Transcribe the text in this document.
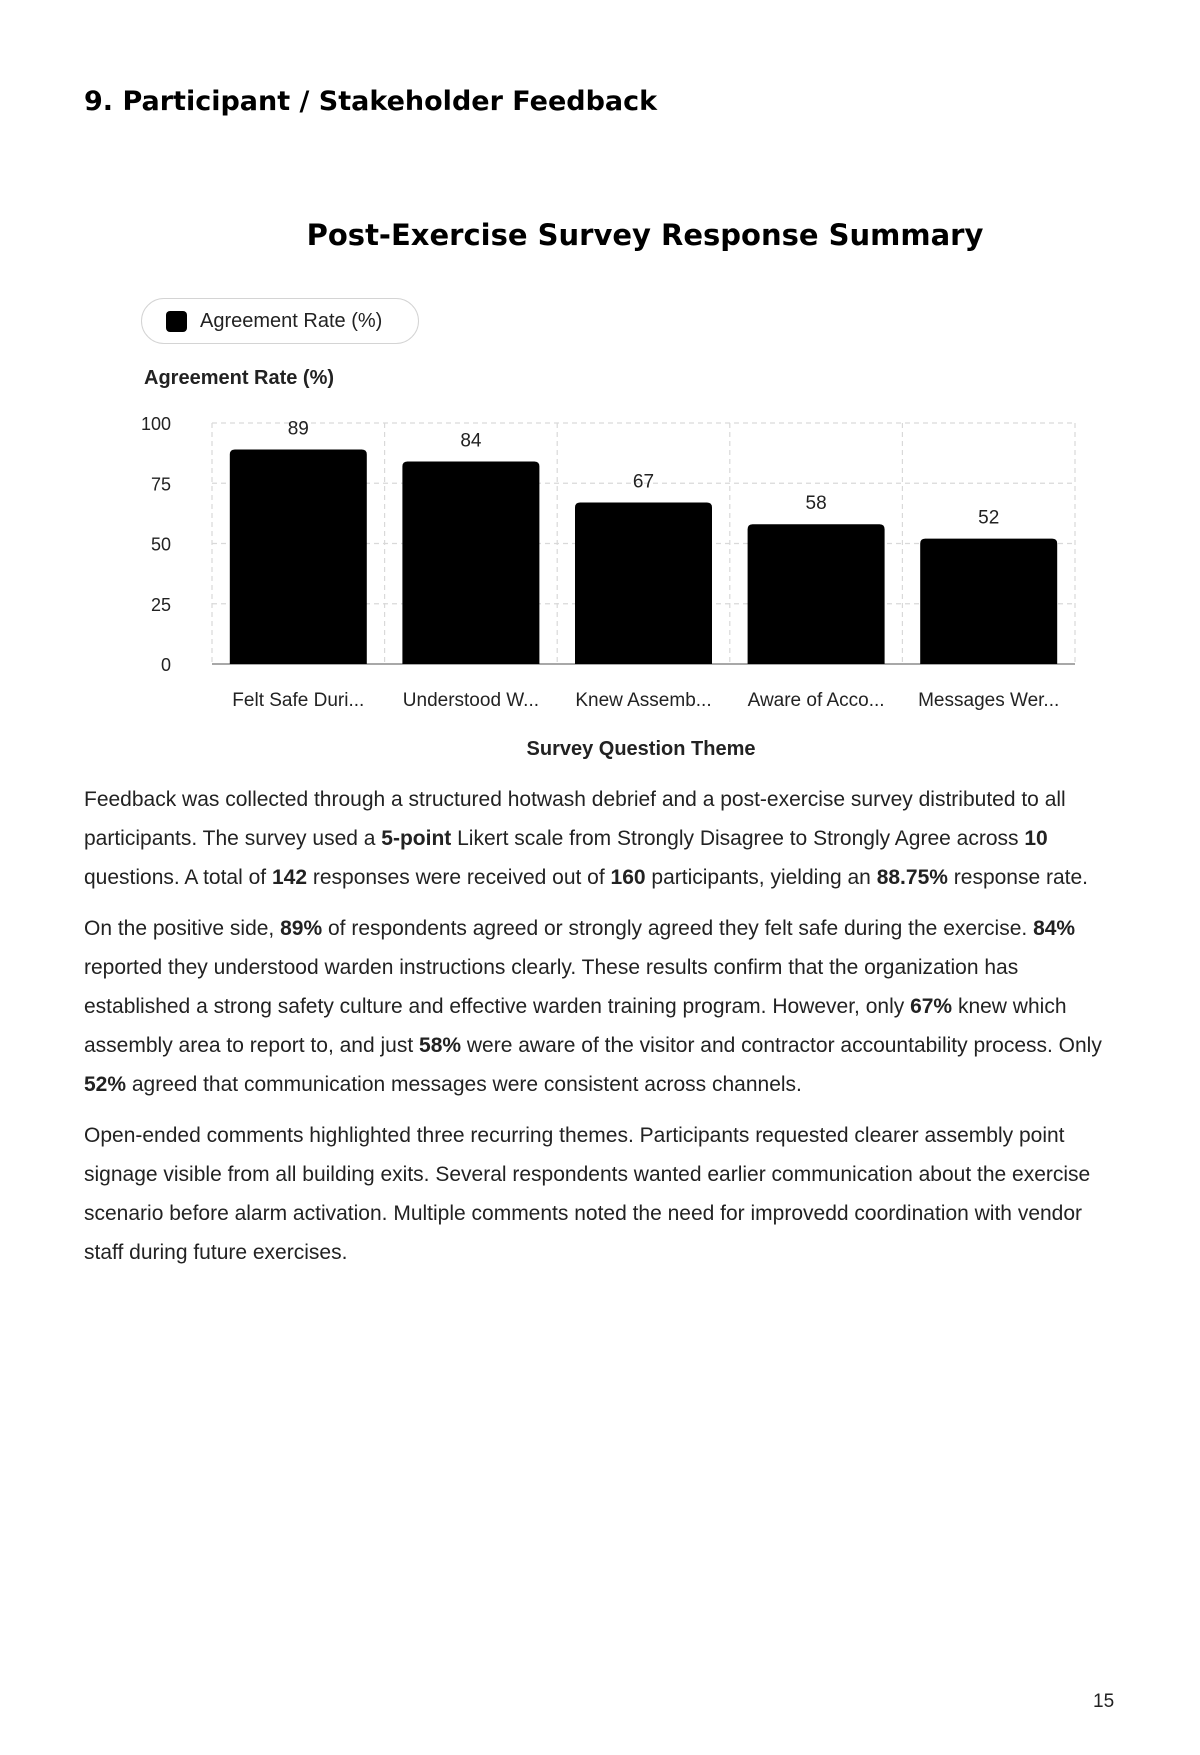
9. Participant / Stakeholder Feedback
Post-Exercise Survey Response Summary
Agreement Rate (%)
Agreement Rate (%)
0
25
50
75
100	89
84
67
58
52
Felt Safe Duri... Understood W... Knew Assemb... Aware of Acco... Messages Wer...
Survey Question Theme

Feedback was collected through a structured hotwash debrief and a post-exercise survey distributed to all participants. The survey used a 5-point Likert scale from Strongly Disagree to Strongly Agree across 10 questions. A total of 142 responses were received out of 160 participants, yielding an 88.75% response rate.

On the positive side, 89% of respondents agreed or strongly agreed they felt safe during the exercise. 84% reported they understood warden instructions clearly. These results confirm that the organization has established a strong safety culture and effective warden training program. However, only 67% knew which assembly area to report to, and just 58% were aware of the visitor and contractor accountability process. Only 52% agreed that communication messages were consistent across channels.

Open-ended comments highlighted three recurring themes. Participants requested clearer assembly point signage visible from all building exits. Several respondents wanted earlier communication about the exercise scenario before alarm activation. Multiple comments noted the need for improvedd coordination with vendor staff during future exercises.

15
